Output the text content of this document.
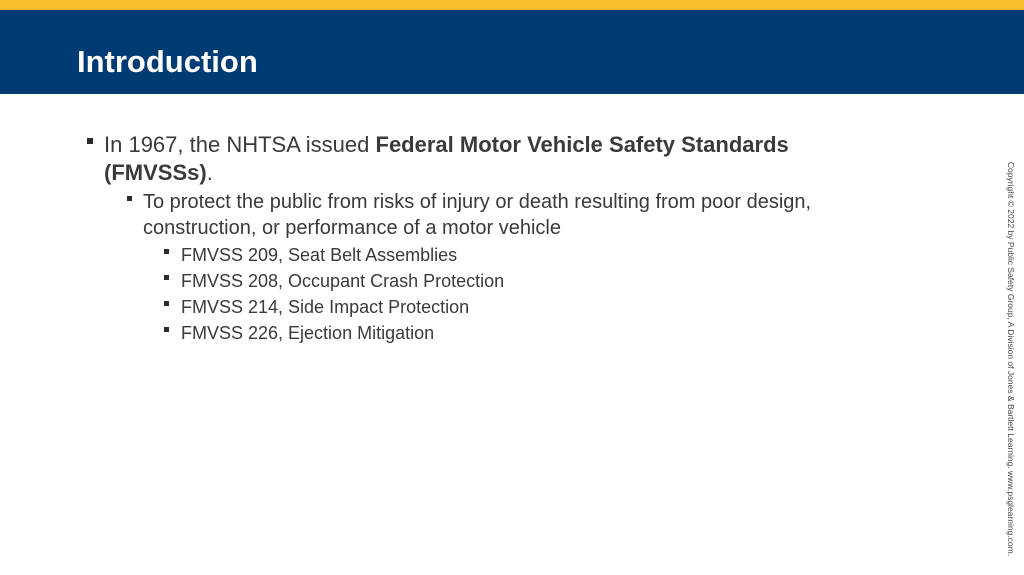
Introduction
In 1967, the NHTSA issued Federal Motor Vehicle Safety Standards
(FMVSSs).
To protect the public from risks of injury or death resulting from poor design,
construction, or performance of a motor vehicle
FMVSS 209, Seat Belt Assemblies
FMVSS 208, Occupant Crash Protection
FMVSS 214, Side Impact Protection
FMVSS 226, Ejection Mitigation	Copyright © 2022 by Public Safety Group, A Division of Jones & Bartlett Learning. www.psglearning.com.
